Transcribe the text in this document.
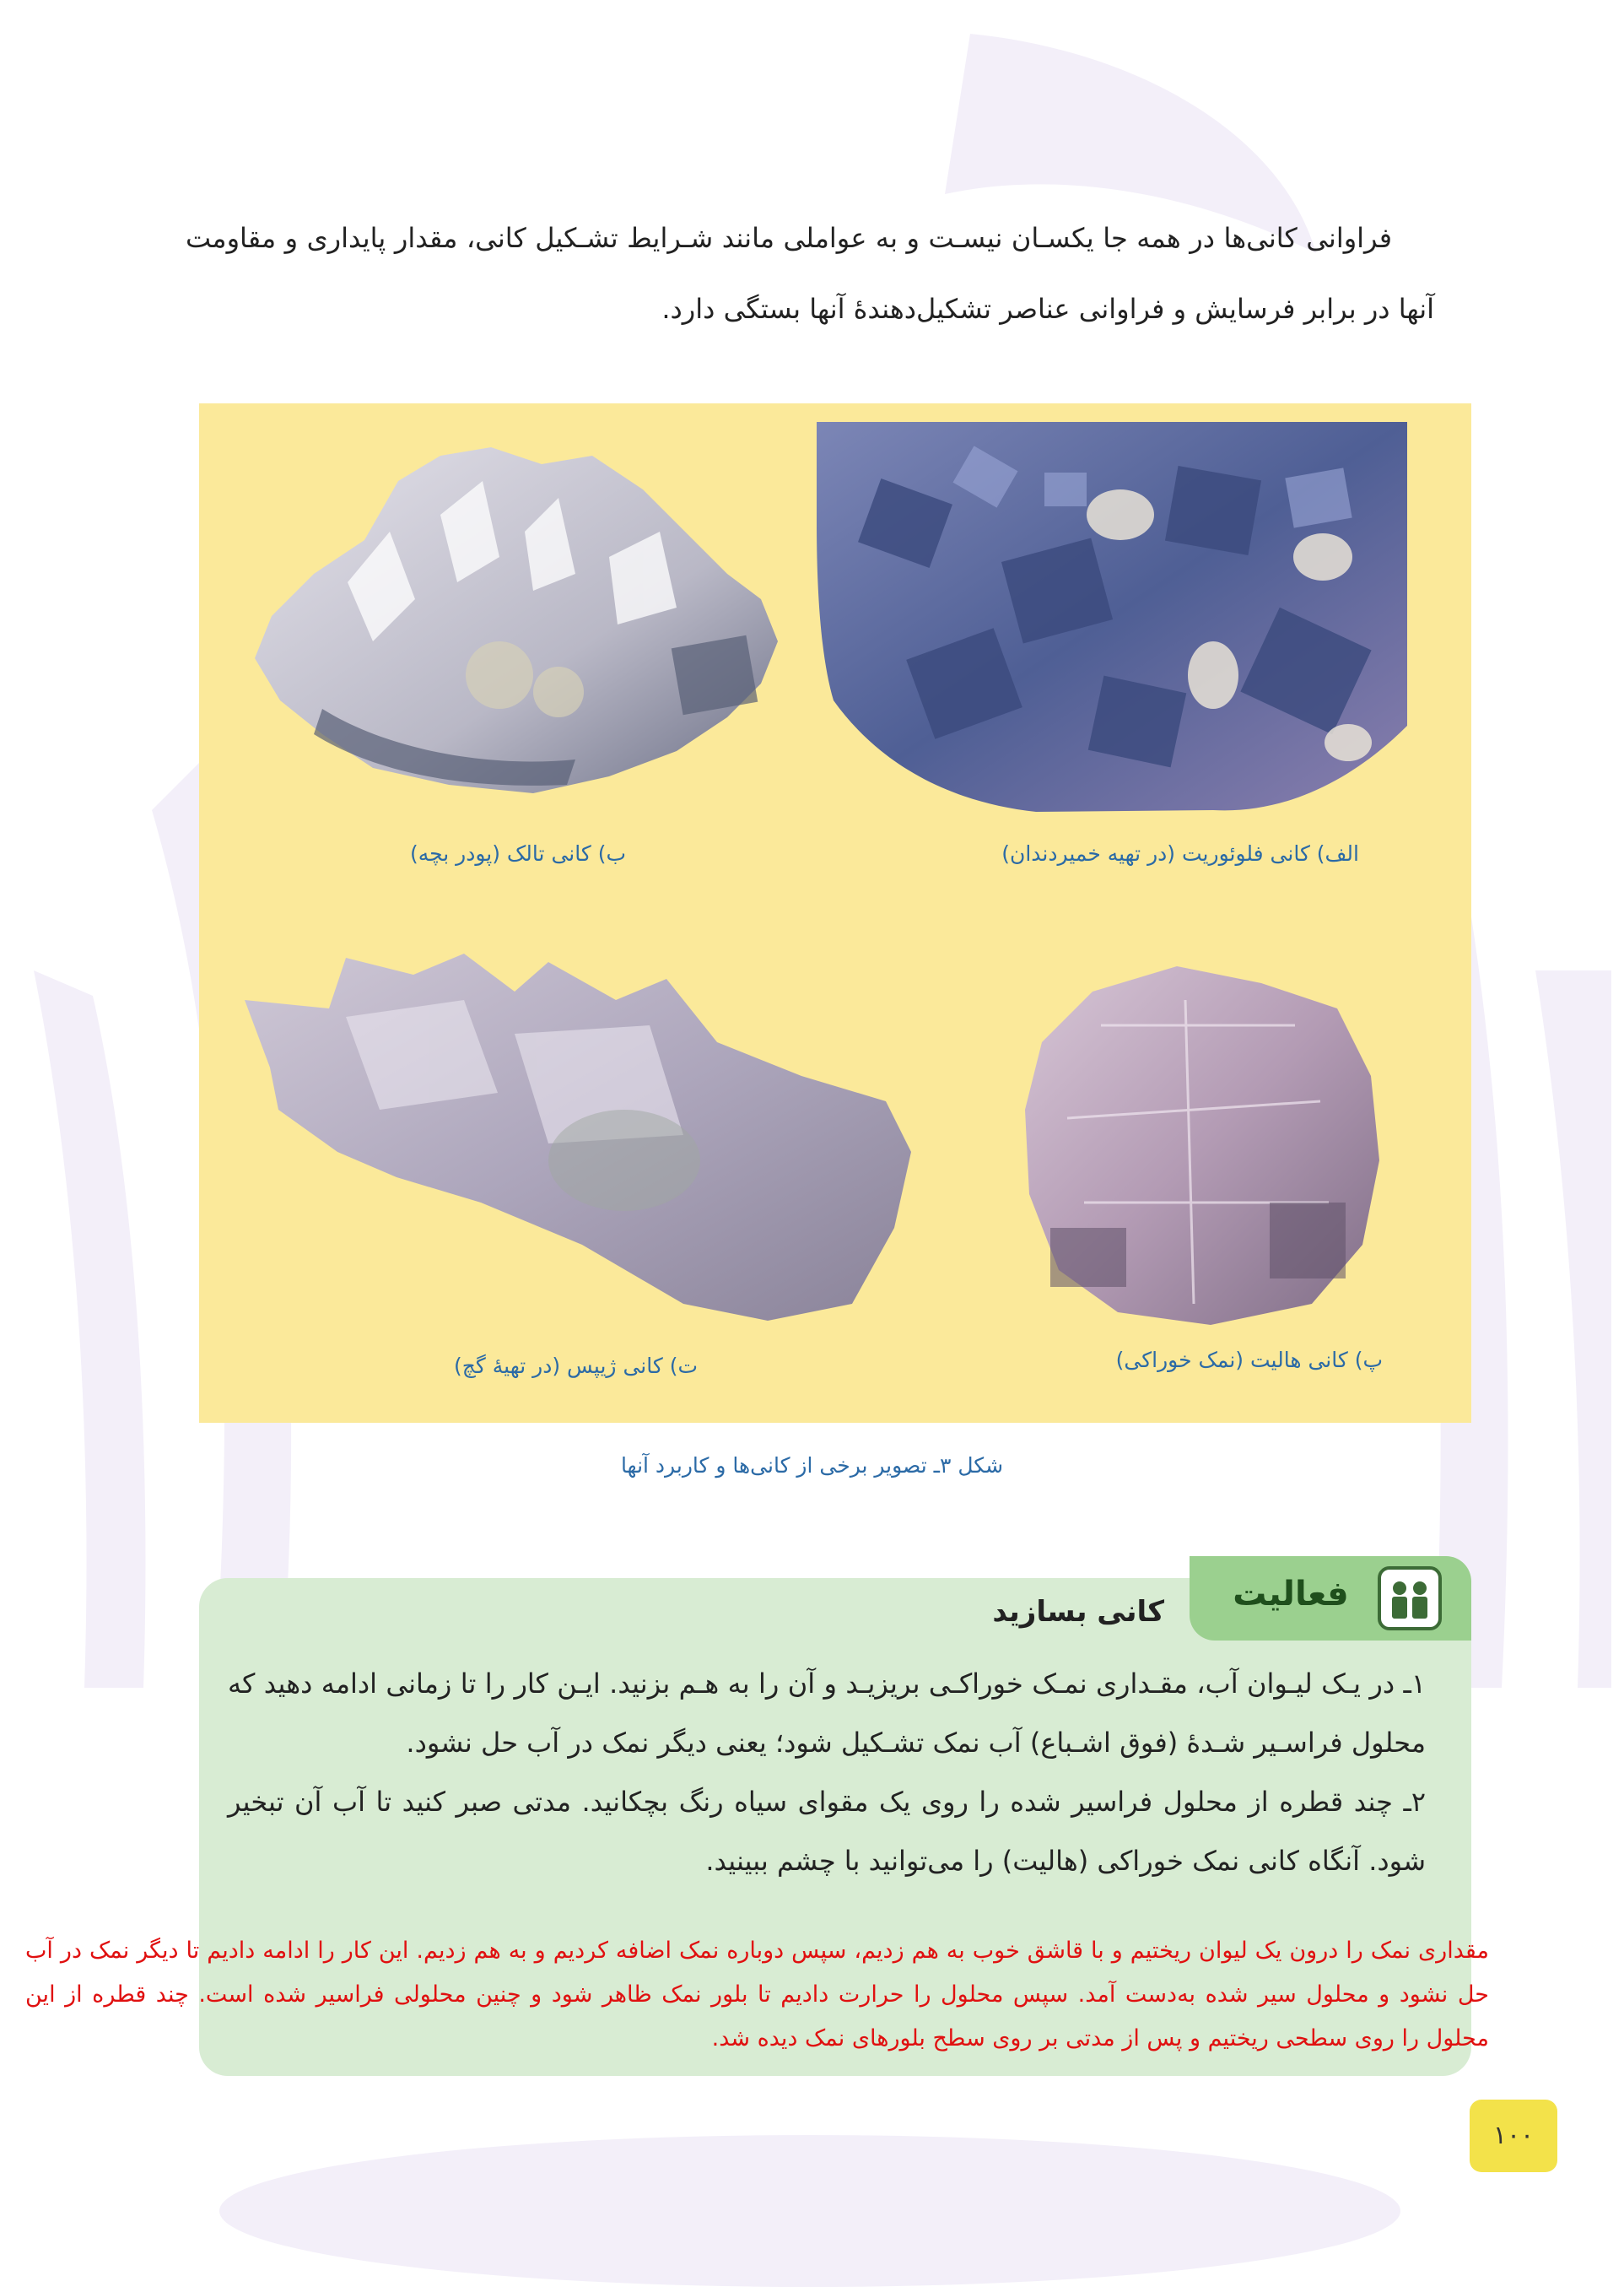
فراوانی کانی‌ها در همه جا یکسـان نیسـت و به عواملی مانند شـرایط تشـکیل کانی، مقدار پایداری و مقاومت آنها در برابر فرسایش و فراوانی عناصر تشکیل‌دهندۀ آنها بستگی دارد.
الف) کانی فلوئوریت (در تهیه خمیردندان)
ب) کانی تالک (پودر بچه)
پ) کانی هالیت (نمک خوراکی)
ت) کانی ژیپس (در تهیۀ گچ)
شکل ۳ـ تصویر برخی از کانی‌ها و کاربرد آنها
فعالیت
کانی بسازید

۱ـ در یـک لیـوان آب، مقـداری نمـک خوراکـی بریزیـد و آن را به هـم بزنید. ایـن کار را تا زمانی ادامه دهید که محلول فراسـیر شـدۀ (فوق اشـباع) آب نمک تشـکیل شود؛ یعنی دیگر نمک در آب حل نشود.

۲ـ چند قطره از محلول فراسیر شده را روی یک مقوای سیاه رنگ بچکانید. مدتی صبر کنید تا آب آن تبخیر شود. آنگاه کانی نمک خوراکی (هالیت) را می‌توانید با چشم ببینید.

مقداری نمک را درون یک لیوان ریختیم و با قاشق خوب به هم زدیم، سپس دوباره نمک اضافه کردیم و به هم زدیم. این کار را ادامه دادیم تا دیگر نمک در آب حل نشود و محلول سیر شده به‌دست آمد. سپس محلول را حرارت دادیم تا بلور نمک ظاهر شود و چنین محلولی فراسیر شده است. چند قطره از این محلول را روی سطحی ریختیم و پس از مدتی بر روی سطح بلورهای نمک دیده شد.
۱۰۰
